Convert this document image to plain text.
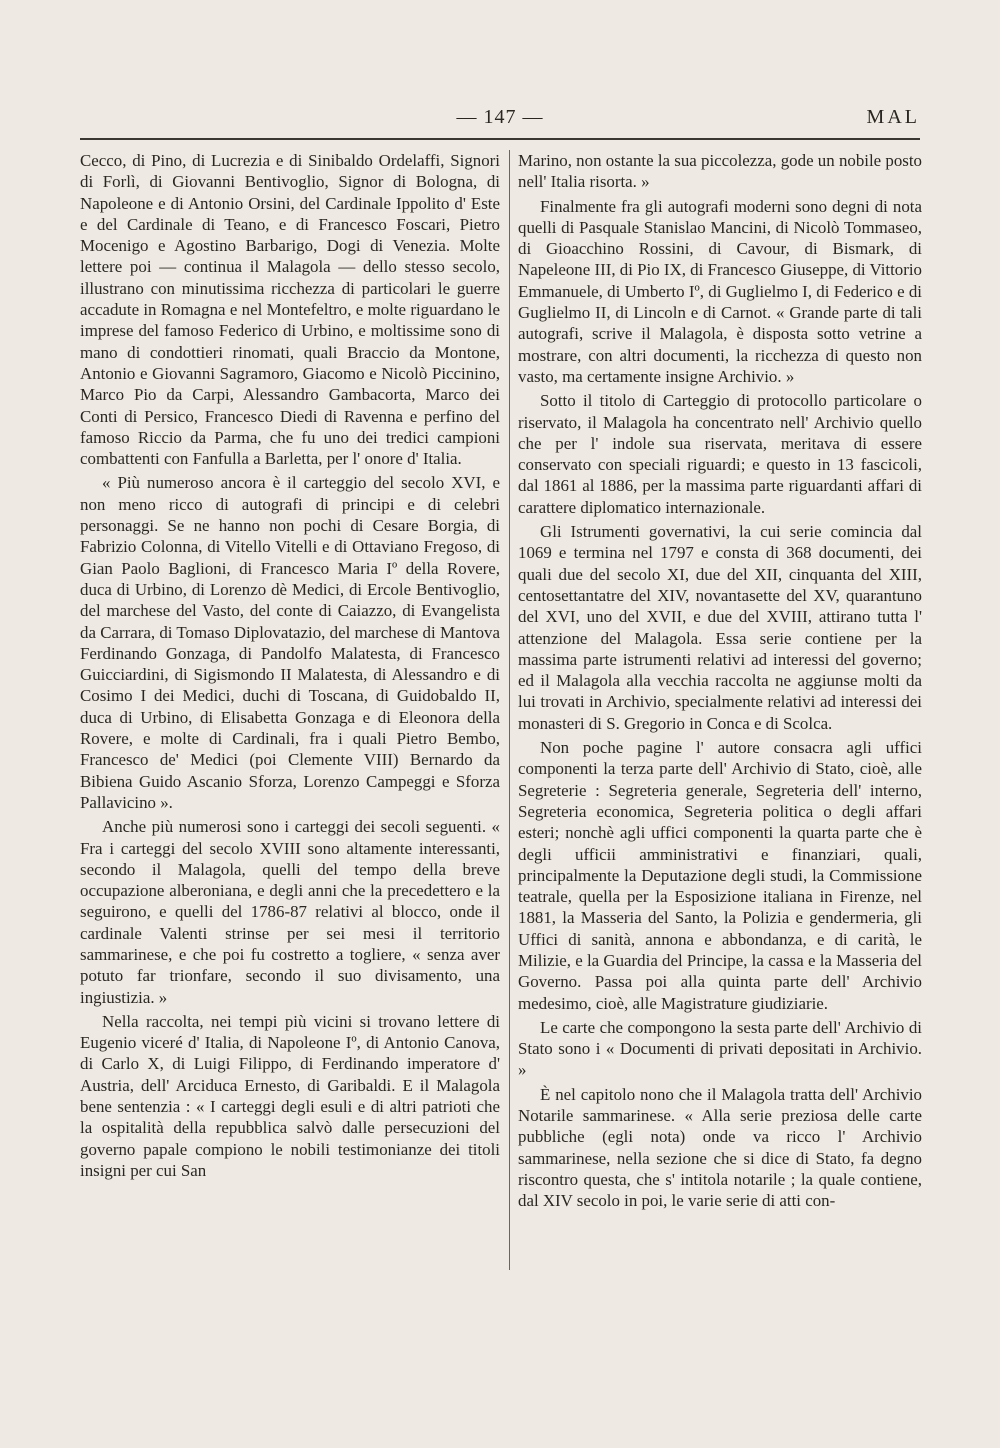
— 147 —	MAL

Cecco, di Pino, di Lucrezia e di Sinibaldo Ordelaffi, Signori di Forlì, di Giovanni Bentivoglio, Signor di Bologna, di Napoleone e di Antonio Orsini, del Cardinale Ippolito d' Este e del Cardinale di Teano, e di Francesco Foscari, Pietro Mocenigo e Agostino Barbarigo, Dogi di Venezia. Molte lettere poi — continua il Malagola — dello stesso secolo, illustrano con minutissima ricchezza di particolari le guerre accadute in Romagna e nel Montefeltro, e molte riguardano le imprese del famoso Federico di Urbino, e moltissime sono di mano di condottieri rinomati, quali Braccio da Montone, Antonio e Giovanni Sagramoro, Giacomo e Nicolò Piccinino, Marco Pio da Carpi, Alessandro Gambacorta, Marco dei Conti di Persico, Francesco Diedi di Ravenna e perfino del famoso Riccio da Parma, che fu uno dei tredici campioni combattenti con Fanfulla a Barletta, per l' onore d' Italia.

« Più numeroso ancora è il carteggio del secolo XVI, e non meno ricco di autografi di principi e di celebri personaggi. Se ne hanno non pochi di Cesare Borgia, di Fabrizio Colonna, di Vitello Vitelli e di Ottaviano Fregoso, di Gian Paolo Baglioni, di Francesco Maria Iº della Rovere, duca di Urbino, di Lorenzo dè Medici, di Ercole Bentivoglio, del marchese del Vasto, del conte di Caiazzo, di Evangelista da Carrara, di Tomaso Diplovatazio, del marchese di Mantova Ferdinando Gonzaga, di Pandolfo Malatesta, di Francesco Guicciardini, di Sigismondo II Malatesta, di Alessandro e di Cosimo I dei Medici, duchi di Toscana, di Guidobaldo II, duca di Urbino, di Elisabetta Gonzaga e di Eleonora della Rovere, e molte di Cardinali, fra i quali Pietro Bembo, Francesco de' Medici (poi Clemente VIII) Bernardo da Bibiena Guido Ascanio Sforza, Lorenzo Campeggi e Sforza Pallavicino ».

Anche più numerosi sono i carteggi dei secoli seguenti. « Fra i carteggi del secolo XVIII sono altamente interessanti, secondo il Malagola, quelli del tempo della breve occupazione alberoniana, e degli anni che la precedettero e la seguirono, e quelli del 1786-87 relativi al blocco, onde il cardinale Valenti strinse per sei mesi il territorio sammarinese, e che poi fu costretto a togliere, « senza aver potuto far trionfare, secondo il suo divisamento, una ingiustizia. »

Nella raccolta, nei tempi più vicini si trovano lettere di Eugenio viceré d' Italia, di Napoleone Iº, di Antonio Canova, di Carlo X, di Luigi Filippo, di Ferdinando imperatore d' Austria, dell' Arciduca Ernesto, di Garibaldi. E il Malagola bene sentenzia : « I carteggi degli esuli e di altri patrioti che la ospitalità della repubblica salvò dalle persecuzioni del governo papale compiono le nobili testimonianze dei titoli insigni per cui San

Marino, non ostante la sua piccolezza, gode un nobile posto nell' Italia risorta. »

Finalmente fra gli autografi moderni sono degni di nota quelli di Pasquale Stanislao Mancini, di Nicolò Tommaseo, di Gioacchino Rossini, di Cavour, di Bismark, di Napeleone III, di Pio IX, di Francesco Giuseppe, di Vittorio Emmanuele, di Umberto Iº, di Guglielmo I, di Federico e di Guglielmo II, di Lincoln e di Carnot. « Grande parte di tali autografi, scrive il Malagola, è disposta sotto vetrine a mostrare, con altri documenti, la ricchezza di questo non vasto, ma certamente insigne Archivio. »

Sotto il titolo di Carteggio di protocollo particolare o riservato, il Malagola ha concentrato nell' Archivio quello che per l' indole sua riservata, meritava di essere conservato con speciali riguardi; e questo in 13 fascicoli, dal 1861 al 1886, per la massima parte riguardanti affari di carattere diplomatico internazionale.

Gli Istrumenti governativi, la cui serie comincia dal 1069 e termina nel 1797 e consta di 368 documenti, dei quali due del secolo XI, due del XII, cinquanta del XIII, centosettantatre del XIV, novantasette del XV, quarantuno del XVI, uno del XVII, e due del XVIII, attirano tutta l' attenzione del Malagola. Essa serie contiene per la massima parte istrumenti relativi ad interessi del governo; ed il Malagola alla vecchia raccolta ne aggiunse molti da lui trovati in Archivio, specialmente relativi ad interessi dei monasteri di S. Gregorio in Conca e di Scolca.

Non poche pagine l' autore consacra agli uffici componenti la terza parte dell' Archivio di Stato, cioè, alle Segreterie : Segreteria generale, Segreteria dell' interno, Segreteria economica, Segreteria politica o degli affari esteri; nonchè agli uffici componenti la quarta parte che è degli ufficii amministrativi e finanziari, quali, principalmente la Deputazione degli studi, la Commissione teatrale, quella per la Esposizione italiana in Firenze, nel 1881, la Masseria del Santo, la Polizia e gendermeria, gli Uffici di sanità, annona e abbondanza, e di carità, le Milizie, e la Guardia del Principe, la cassa e la Masseria del Governo. Passa poi alla quinta parte dell' Archivio medesimo, cioè, alle Magistrature giudiziarie.

Le carte che compongono la sesta parte dell' Archivio di Stato sono i « Documenti di privati depositati in Archivio. »

È nel capitolo nono che il Malagola tratta dell' Archivio Notarile sammarinese. « Alla serie preziosa delle carte pubbliche (egli nota) onde va ricco l' Archivio sammarinese, nella sezione che si dice di Stato, fa degno riscontro questa, che s' intitola notarile ; la quale contiene, dal XIV secolo in poi, le varie serie di atti con-
